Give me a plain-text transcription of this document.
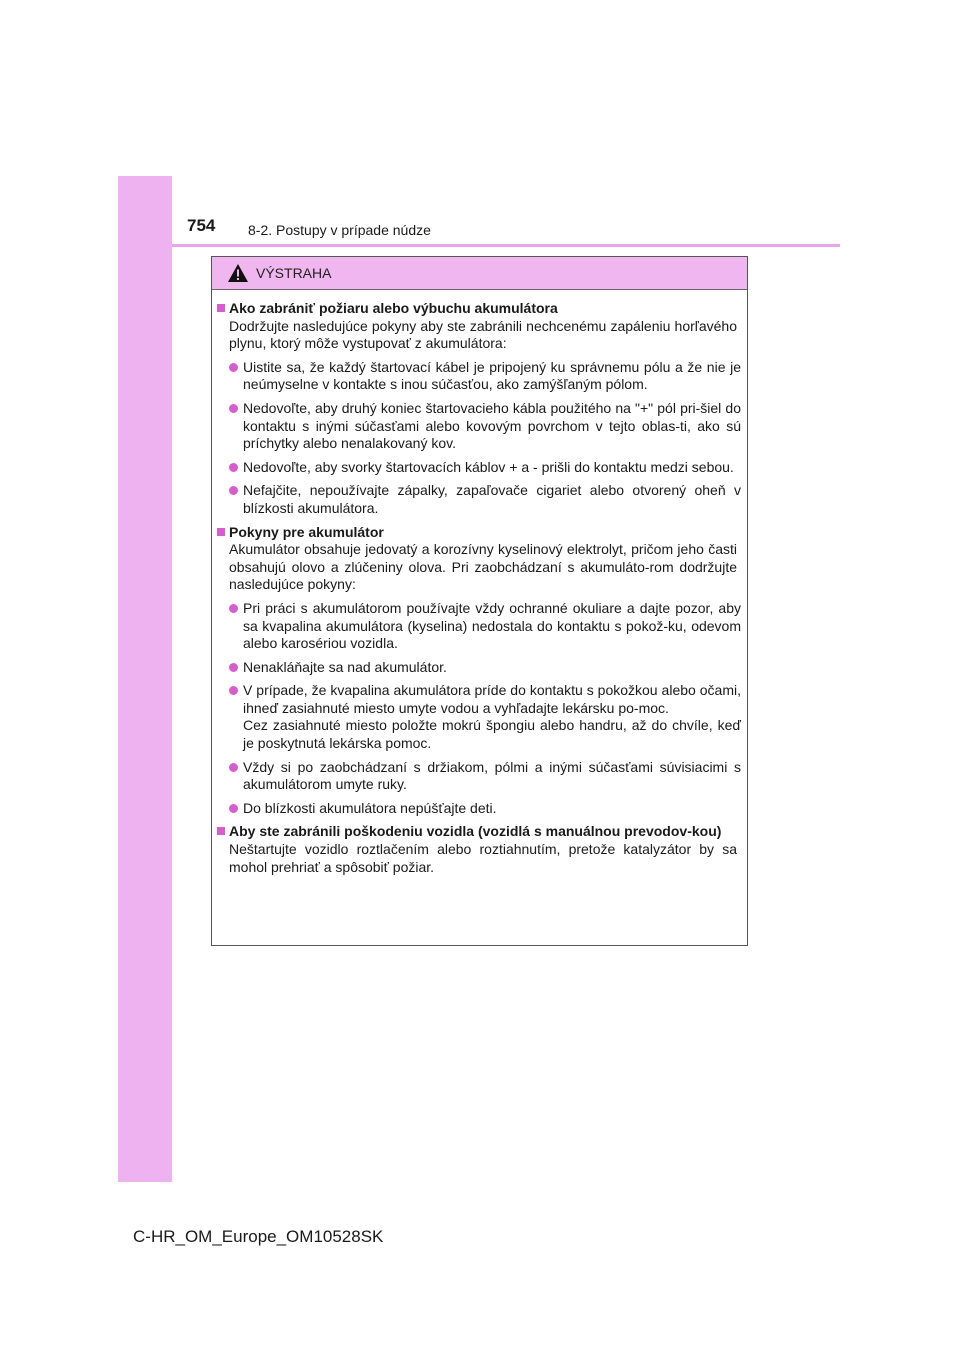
754 8-2. Postupy v prípade núdze
VÝSTRAHA
Ako zabrániť požiaru alebo výbuchu akumulátora
Dodržujte nasledujúce pokyny aby ste zabránili nechcenému zapáleniu horľavého plynu, ktorý môže vystupovať z akumulátora:
Uistite sa, že každý štartovací kábel je pripojený ku správnemu pólu a že nie je neúmyselne v kontakte s inou súčasťou, ako zamýšľaným pólom.
Nedovoľte, aby druhý koniec štartovacieho kábla použitého na "+" pól pri-šiel do kontaktu s inými súčasťami alebo kovovým povrchom v tejto oblas-ti, ako sú príchytky alebo nenalakovaný kov.
Nedovoľte, aby svorky štartovacích káblov + a - prišli do kontaktu medzi sebou.
Nefajčite, nepoužívajte zápalky, zapaľovače cigariet alebo otvorený oheň v blízkosti akumulátora.
Pokyny pre akumulátor
Akumulátor obsahuje jedovatý a korozívny kyselinový elektrolyt, pričom jeho časti obsahujú olovo a zlúčeniny olova. Pri zaobchádzaní s akumuláto-rom dodržujte nasledujúce pokyny:
Pri práci s akumulátorom používajte vždy ochranné okuliare a dajte pozor, aby sa kvapalina akumulátora (kyselina) nedostala do kontaktu s pokož-ku, odevom alebo karosériou vozidla.
Nenakláňajte sa nad akumulátor.
V prípade, že kvapalina akumulátora príde do kontaktu s pokožkou alebo očami, ihneď zasiahnuté miesto umyte vodou a vyhľadajte lekársku po-moc.
Cez zasiahnuté miesto položte mokrú špongiu alebo handru, až do chvíle, keď je poskytnutá lekárska pomoc.
Vždy si po zaobchádzaní s držiakom, pólmi a inými súčasťami súvisiacimi s akumulátorom umyte ruky.
Do blízkosti akumulátora nepúšťajte deti.
Aby ste zabránili poškodeniu vozidla (vozidlá s manuálnou prevodov-kou)
Neštartujte vozidlo roztlačením alebo roztiahnutím, pretože katalyzátor by sa mohol prehriať a spôsobiť požiar.
C-HR_OM_Europe_OM10528SK
